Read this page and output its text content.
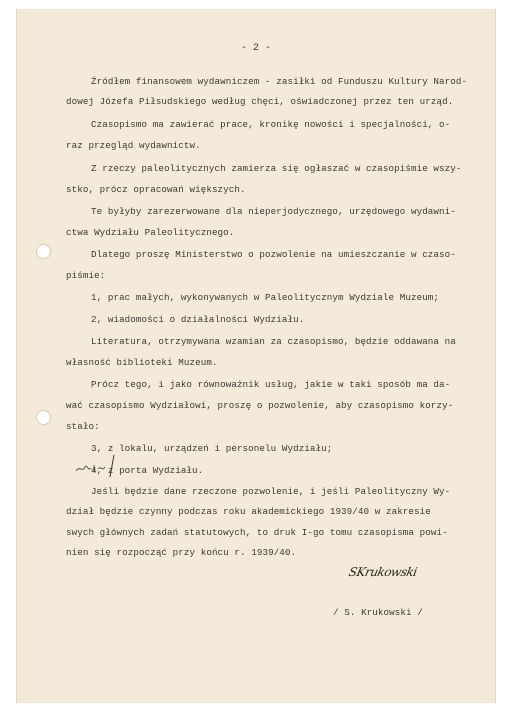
- 2 -
Źródłem finansowem wydawniczem - zasiłki od Funduszu Kultury Narod-
dowej Józefa Piłsudskiego według chęci, oświadczonej przez ten urząd.
Czasopismo ma zawierać prace, kronikę nowości i specjalności, o-
raz przegląd wydawnictw.
Z rzeczy paleolitycznych zamierza się ogłaszać w czasopiśmie wszy-
stko, prócz opracowań większych.
Te byłyby zarezerwowane dla nieperjodycznego, urzędowego wydawni-
ctwa Wydziału Paleolitycznego.
Dlatego proszę Ministerstwo o pozwolenie na umieszczanie w czaso-
piśmie:
1, prac małych, wykonywanych w Paleolitycznym Wydziale Muzeum;
2, wiadomości o działalności Wydziału.
Literatura, otrzymywana wzamian za czasopismo, będzie oddawana na
własność biblioteki Muzeum.
Prócz tego, i jako równoważnik usług, jakie w taki sposób ma da-
wać czasopismo Wydziałowi, proszę o pozwolenie, aby czasopismo korzy-
stało:
3, z lokalu, urządzeń i personelu Wydziału;
4, z porta Wydziału.
Jeśli będzie dane rzeczone pozwolenie, i jeśli Paleolityczny Wy-
dział będzie czynny podczas roku akademickiego 1939/40 w zakresie
swych głównych zadań statutowych, to druk I-go tomu czasopisma powi-
nien się rozpocząć przy końcu r. 1939/40.
SKrukowski
/ S. Krukowski /
